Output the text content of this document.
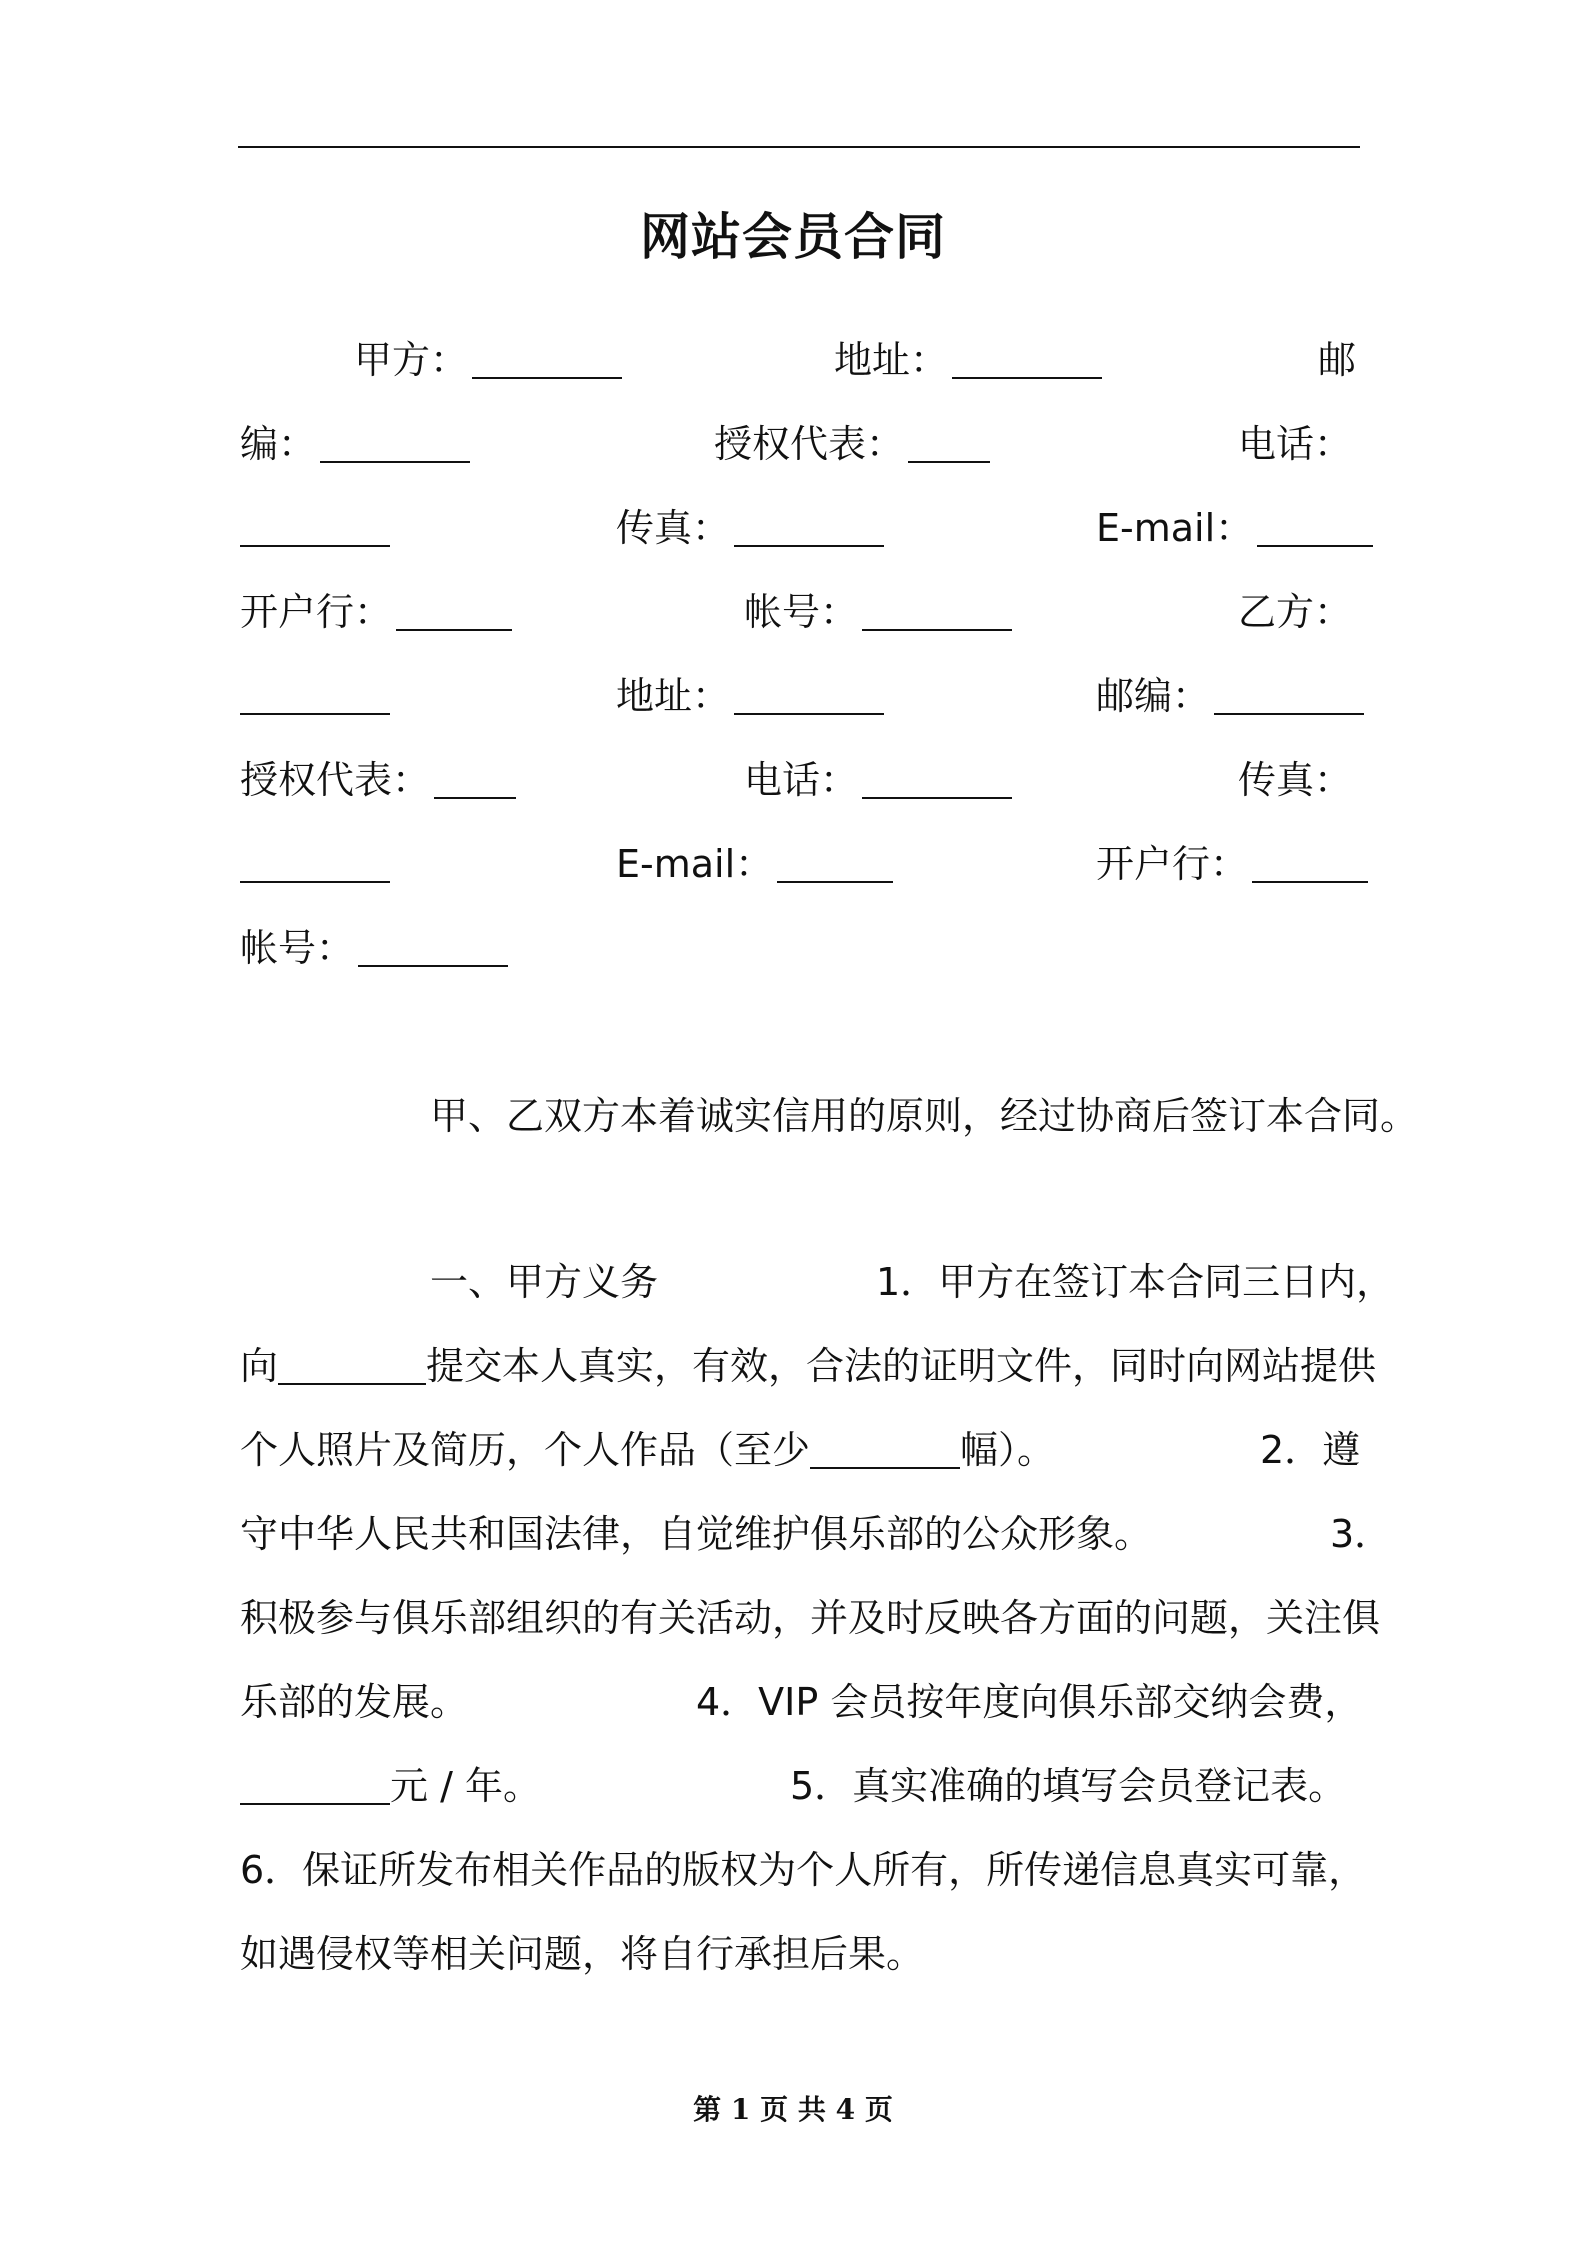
网站会员合同
甲方：	地址：	邮
编：	授权代表：	电话：
传真：	E-mail：
开户行：	帐号：	乙方：
地址：	邮编：
授权代表：	电话：	传真：
E-mail：	开户行：
帐号：
甲、乙双方本着诚实信用的原则，经过协商后签订本合同。
一、甲方义务	1．甲方在签订本合同三日内，
向	提交本人真实，有效，合法的证明文件，同时向网站提供
个人照片及简历，个人作品（至少	幅）。	2．遵
守中华人民共和国法律，自觉维护俱乐部的公众形象。	3．
积极参与俱乐部组织的有关活动，并及时反映各方面的问题，关注俱
乐部的发展。	4．VIP 会员按年度向俱乐部交纳会费，
元 / 年。	5．真实准确的填写会员登记表。
6．保证所发布相关作品的版权为个人所有，所传递信息真实可靠，
如遇侵权等相关问题，将自行承担后果。
第 1 页 共 4 页
